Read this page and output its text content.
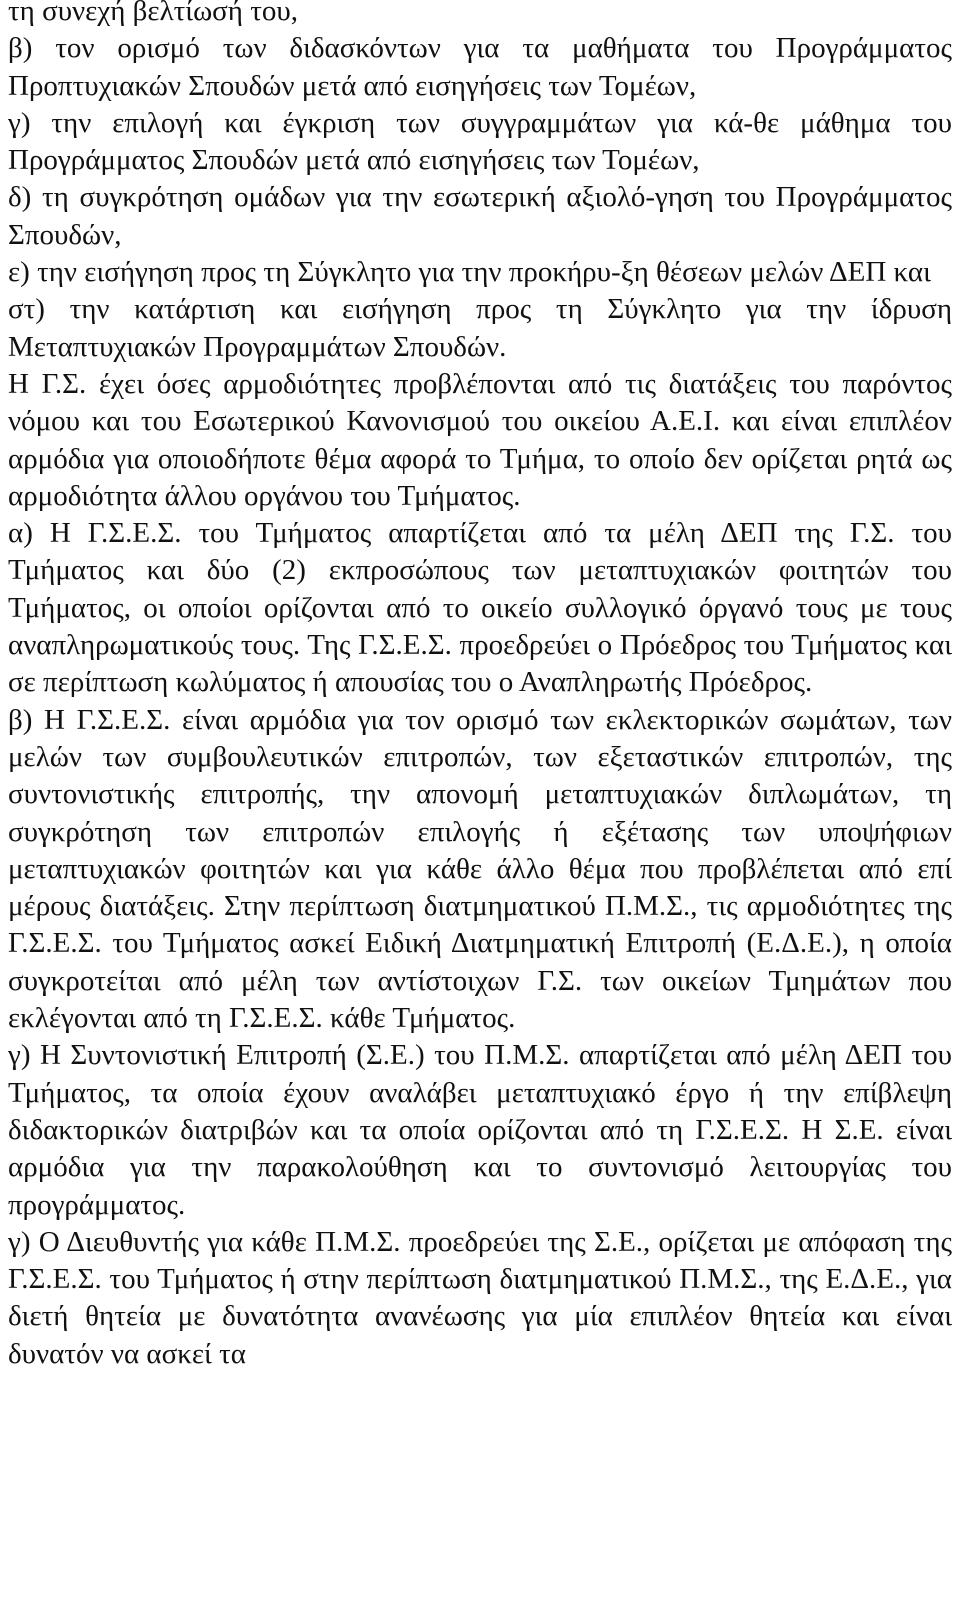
τη συνεχή βελτίωσή του,

β) τον ορισμό των διδασκόντων για τα μαθήματα του Προγράμματος Προπτυχιακών Σπουδών μετά από εισηγήσεις των Τομέων,

γ) την επιλογή και έγκριση των συγγραμμάτων για κά-θε μάθημα του Προγράμματος Σπουδών μετά από εισηγήσεις των Τομέων,

δ) τη συγκρότηση ομάδων για την εσωτερική αξιολό-γηση του Προγράμματος Σπουδών,

ε) την εισήγηση προς τη Σύγκλητο για την προκήρυ-ξη θέσεων μελών ΔΕΠ και

στ) την κατάρτιση και εισήγηση προς τη Σύγκλητο για την ίδρυση Μεταπτυχιακών Προγραμμάτων Σπουδών.

Η Γ.Σ. έχει όσες αρμοδιότητες προβλέπονται από τις διατάξεις του παρόντος νόμου και του Εσωτερικού Κανονισμού του οικείου Α.Ε.Ι. και είναι επιπλέον αρμόδια για οποιοδήποτε θέμα αφορά το Τμήμα, το οποίο δεν ορίζεται ρητά ως αρμοδιότητα άλλου οργάνου του Τμήματος.

α) Η Γ.Σ.Ε.Σ. του Τμήματος απαρτίζεται από τα μέλη ΔΕΠ της Γ.Σ. του Τμήματος και δύο (2) εκπροσώπους των μεταπτυχιακών φοιτητών του Τμήματος, οι οποίοι ορίζονται από το οικείο συλλογικό όργανό τους με τους αναπληρωματικούς τους. Της Γ.Σ.Ε.Σ. προεδρεύει ο Πρόεδρος του Τμήματος και σε περίπτωση κωλύματος ή απουσίας του ο Αναπληρωτής Πρόεδρος.

β) Η Γ.Σ.Ε.Σ. είναι αρμόδια για τον ορισμό των εκλεκτορικών σωμάτων, των μελών των συμβουλευτικών επιτροπών, των εξεταστικών επιτροπών, της συντονιστικής επιτροπής, την απονομή μεταπτυχιακών διπλωμάτων, τη συγκρότηση των επιτροπών επιλογής ή εξέτασης των υποψήφιων μεταπτυχιακών φοιτητών και για κάθε άλλο θέμα που προβλέπεται από επί μέρους διατάξεις. Στην περίπτωση διατμηματικού Π.Μ.Σ., τις αρμοδιότητες της Γ.Σ.Ε.Σ. του Τμήματος ασκεί Ειδική Διατμηματική Επιτροπή (Ε.Δ.Ε.), η οποία συγκροτείται από μέλη των αντίστοιχων Γ.Σ. των οικείων Τμημάτων που εκλέγονται από τη Γ.Σ.Ε.Σ. κάθε Τμήματος.

γ) Η Συντονιστική Επιτροπή (Σ.Ε.) του Π.Μ.Σ. απαρτίζεται από μέλη ΔΕΠ του Τμήματος, τα οποία έχουν αναλάβει μεταπτυχιακό έργο ή την επίβλεψη διδακτορικών διατριβών και τα οποία ορίζονται από τη Γ.Σ.Ε.Σ. Η Σ.Ε. είναι αρμόδια για την παρακολούθηση και το συντονισμό λειτουργίας του προγράμματος.

γ) Ο Διευθυντής για κάθε Π.Μ.Σ. προεδρεύει της Σ.Ε., ορίζεται με απόφαση της Γ.Σ.Ε.Σ. του Τμήματος ή στην περίπτωση διατμηματικού Π.Μ.Σ., της Ε.Δ.Ε., για διετή θητεία με δυνατότητα ανανέωσης για μία επιπλέον θητεία και είναι δυνατόν να ασκεί τα
